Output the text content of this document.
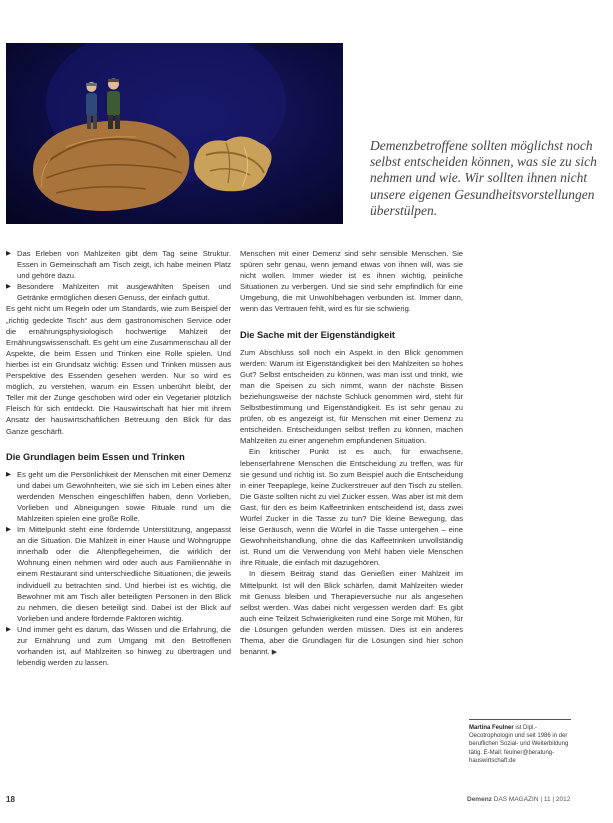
Demenzbetroffene sollten möglichst noch selbst entscheiden können, was sie zu sich nehmen und wie. Wir sollten ihnen nicht unsere eigenen Gesundheitsvorstellungen überstülpen.
▶ Das Erleben von Mahlzeiten gibt dem Tag seine Struktur. Essen in Gemeinschaft am Tisch zeigt, ich habe meinen Platz und gehöre dazu.
▶ Besondere Mahlzeiten mit ausgewählten Speisen und Getränke ermöglichen diesen Genuss, der einfach guttut.

Es geht nicht um Regeln oder um Standards, wie zum Beispiel der „richtig gedeckte Tisch“ aus dem gastronomischen Service oder die ernährungsphysiologisch hochwertige Mahlzeit der Ernährungswissenschaft. Es geht um eine Zusammenschau all der Aspekte, die beim Essen und Trinken eine Rolle spielen. Und hierbei ist ein Grundsatz wichtig: Essen und Trinken müssen aus Perspektive des Essenden gesehen werden. Nur so wird es möglich, zu verstehen, warum ein Essen unberührt bleibt, der Teller mit der Zunge geschoben wird oder ein Vegetarier plötzlich Fleisch für sich entdeckt. Die Hauswirtschaft hat hier mit ihrem Ansatz der hauswirtschaftlichen Betreuung den Blick für das Ganze geschärft.

Die Grundlagen beim Essen und Trinken
▶ Es geht um die Persönlichkeit der Menschen mit einer Demenz und dabei um Gewohnheiten, wie sie sich im Leben eines älter werdenden Menschen eingeschliffen haben, denn Vorlieben, Vorlieben und Abneigungen sowie Rituale rund um die Mahlzeiten spielen eine große Rolle.
▶ Im Mittelpunkt steht eine fördernde Unterstützung, angepasst an die Situation. Die Mahlzeit in einer Hause und Wohngruppe innerhalb oder die Altenpflegeheimen, die wirklich der Wohnung einen nehmen wird oder auch aus Familiennähe in einem Restaurant sind unterschiedliche Situationen, die jeweils individuell zu betrachten sind. Und hierbei ist es wichtig, die Bewohner mit am Tisch aller beteiligten Personen in den Blick zu nehmen, die diesen beteiligt sind. Dabei ist der Blick auf Vorlieben und andere fördernde Faktoren wichtig.
▶ Und immer geht es darum, das Wissen und die Erfahrung, die zur Ernährung und zum Umgang mit den Betroffenen vorhanden ist, auf Mahlzeiten so hinweg zu übertragen und lebendig werden zu lassen.

Menschen mit einer Demenz sind sehr sensible Menschen. Sie spüren sehr genau, wenn jemand etwas von ihnen will, was sie nicht wollen. Immer wieder ist es ihnen wichtig, peinliche Situationen zu verbergen. Und sie sind sehr empfindlich für eine Umgebung, die mit Unwohlbehagen verbunden ist. Immer dann, wenn das Vertrauen fehlt, wird es für sie schwierig.

Die Sache mit der Eigenständigkeit

Zum Abschluss soll noch ein Aspekt in den Blick genommen werden: Warum ist Eigenständigkeit bei den Mahlzeiten so hohes Gut? Selbst entscheiden zu können, was man isst und trinkt, wie man die Speisen zu sich nimmt, wann der nächste Bissen beziehungsweise der nächste Schluck genommen wird, steht für Selbstbestimmung und Eigenständigkeit. Es ist sehr genau zu prüfen, ob es angezeigt ist, für Menschen mit einer Demenz zu entscheiden. Entscheidungen selbst treffen zu können, machen Mahlzeiten zu einer angenehm empfundenen Situation.

Ein kritischer Punkt ist es auch, für erwachsene, lebenserfahrene Menschen die Entscheidung zu treffen, was für sie gesund und richtig ist. So zum Beispiel auch die Entscheidung in einer Teepaplege, keine Zuckerstreuer auf den Tisch zu stellen. Die Gäste sollten nicht zu viel Zucker essen. Was aber ist mit dem Gast, für den es beim Kaffeetrinken entscheidend ist, dass zwei Würfel Zucker in die Tasse zu tun? Die kleine Bewegung, das leise Geräusch, wenn die Würfel in die Tasse untergehen – eine Gewohnheitshandlung, ohne die das Kaffeetrinken unvollständig ist. Rund um die Verwendung von Mehl haben viele Menschen ihre Rituale, die einfach mit dazugehören.

In diesem Beitrag stand das Genießen einer Mahlzeit im Mittelpunkt. Ist will den Blick schärfen, damit Mahlzeiten wieder mit Genuss bleiben und Therapieversuche nur als angesehen selbst werden. Was dabei nicht vergessen werden darf: Es gibt auch eine Teilzeit Schwierigkeiten rund eine Sorge mit Mühen, für die Lösungen gefunden werden müssen. Dies ist ein anderes Thema, aber die Grundlagen für die Lösungen sind hier schon benannt. ▶

Martina Feulner ist Dipl.-Oecotrophologin und seit 1986 in der beruflichen Sozial- und Weiterbildung tätig. E-Mail: feulner@beratung-hauswirtschaft.de
18	Demenz DAS MAGAZIN | 11 | 2012
